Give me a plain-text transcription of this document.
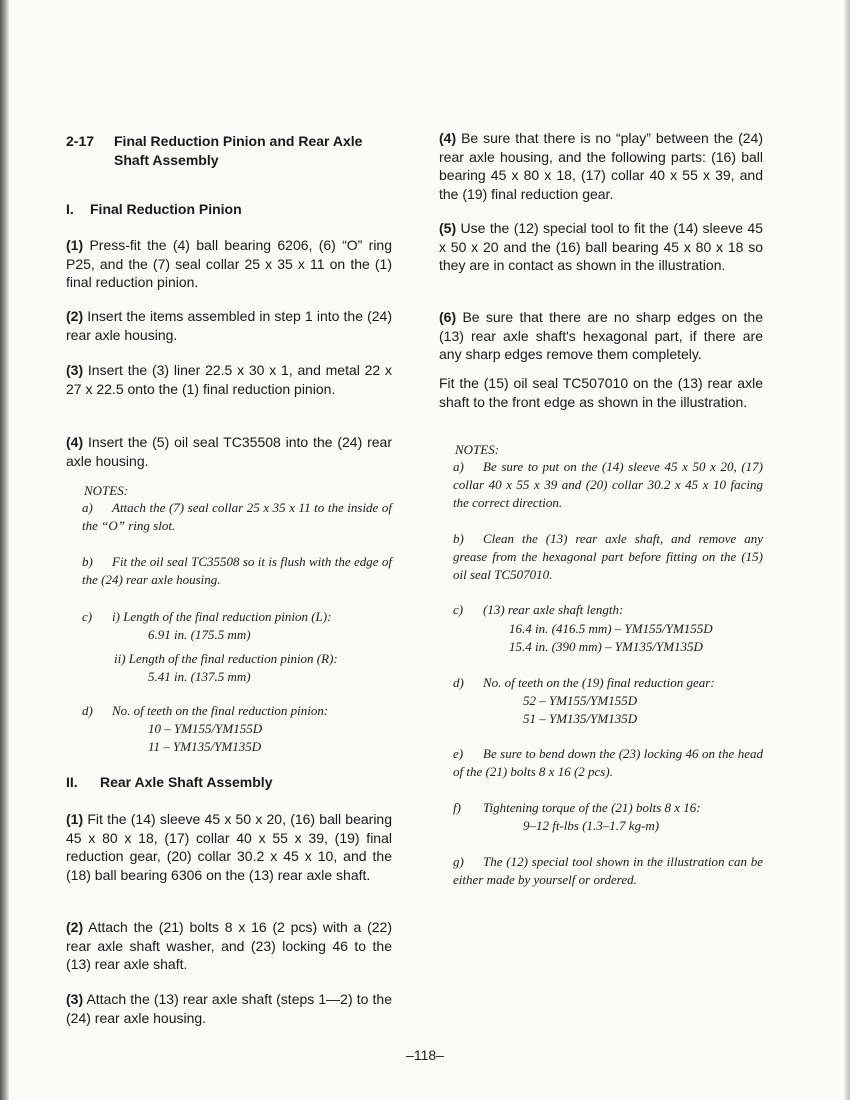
2-17 Final Reduction Pinion and Rear Axle Shaft Assembly
I. Final Reduction Pinion
(1) Press-fit the (4) ball bearing 6206, (6) “O” ring P25, and the (7) seal collar 25 x 35 x 11 on the (1) final reduction pinion.
(2) Insert the items assembled in step 1 into the (24) rear axle housing.
(3) Insert the (3) liner 22.5 x 30 x 1, and metal 22 x 27 x 22.5 onto the (1) final reduction pinion.
(4) Insert the (5) oil seal TC35508 into the (24) rear axle housing.
NOTES:
a) Attach the (7) seal collar 25 x 35 x 11 to the inside of the “O” ring slot.
b) Fit the oil seal TC35508 so it is flush with the edge of the (24) rear axle housing.
c) i) Length of the final reduction pinion (L):
6.91 in. (175.5 mm)
ii) Length of the final reduction pinion (R):
5.41 in. (137.5 mm)
d) No. of teeth on the final reduction pinion:
10 – YM155/YM155D
11 – YM135/YM135D
II. Rear Axle Shaft Assembly
(1) Fit the (14) sleeve 45 x 50 x 20, (16) ball bearing 45 x 80 x 18, (17) collar 40 x 55 x 39, (19) final reduction gear, (20) collar 30.2 x 45 x 10, and the (18) ball bearing 6306 on the (13) rear axle shaft.
(2) Attach the (21) bolts 8 x 16 (2 pcs) with a (22) rear axle shaft washer, and (23) locking 46 to the (13) rear axle shaft.
(3) Attach the (13) rear axle shaft (steps 1—2) to the (24) rear axle housing.
(4) Be sure that there is no “play” between the (24) rear axle housing, and the following parts: (16) ball bearing 45 x 80 x 18, (17) collar 40 x 55 x 39, and the (19) final reduction gear.
(5) Use the (12) special tool to fit the (14) sleeve 45 x 50 x 20 and the (16) ball bearing 45 x 80 x 18 so they are in contact as shown in the illustration.
(6) Be sure that there are no sharp edges on the (13) rear axle shaft's hexagonal part, if there are any sharp edges remove them completely.
Fit the (15) oil seal TC507010 on the (13) rear axle shaft to the front edge as shown in the illustration.
NOTES:
a) Be sure to put on the (14) sleeve 45 x 50 x 20, (17) collar 40 x 55 x 39 and (20) collar 30.2 x 45 x 10 facing the correct direction.
b) Clean the (13) rear axle shaft, and remove any grease from the hexagonal part before fitting on the (15) oil seal TC507010.
c) (13) rear axle shaft length:
16.4 in. (416.5 mm) – YM155/YM155D
15.4 in. (390 mm) – YM135/YM135D
d) No. of teeth on the (19) final reduction gear:
52 – YM155/YM155D
51 – YM135/YM135D
e) Be sure to bend down the (23) locking 46 on the head of the (21) bolts 8 x 16 (2 pcs).
f) Tightening torque of the (21) bolts 8 x 16:
9–12 ft-lbs (1.3–1.7 kg-m)
g) The (12) special tool shown in the illustration can be either made by yourself or ordered.
–118–
